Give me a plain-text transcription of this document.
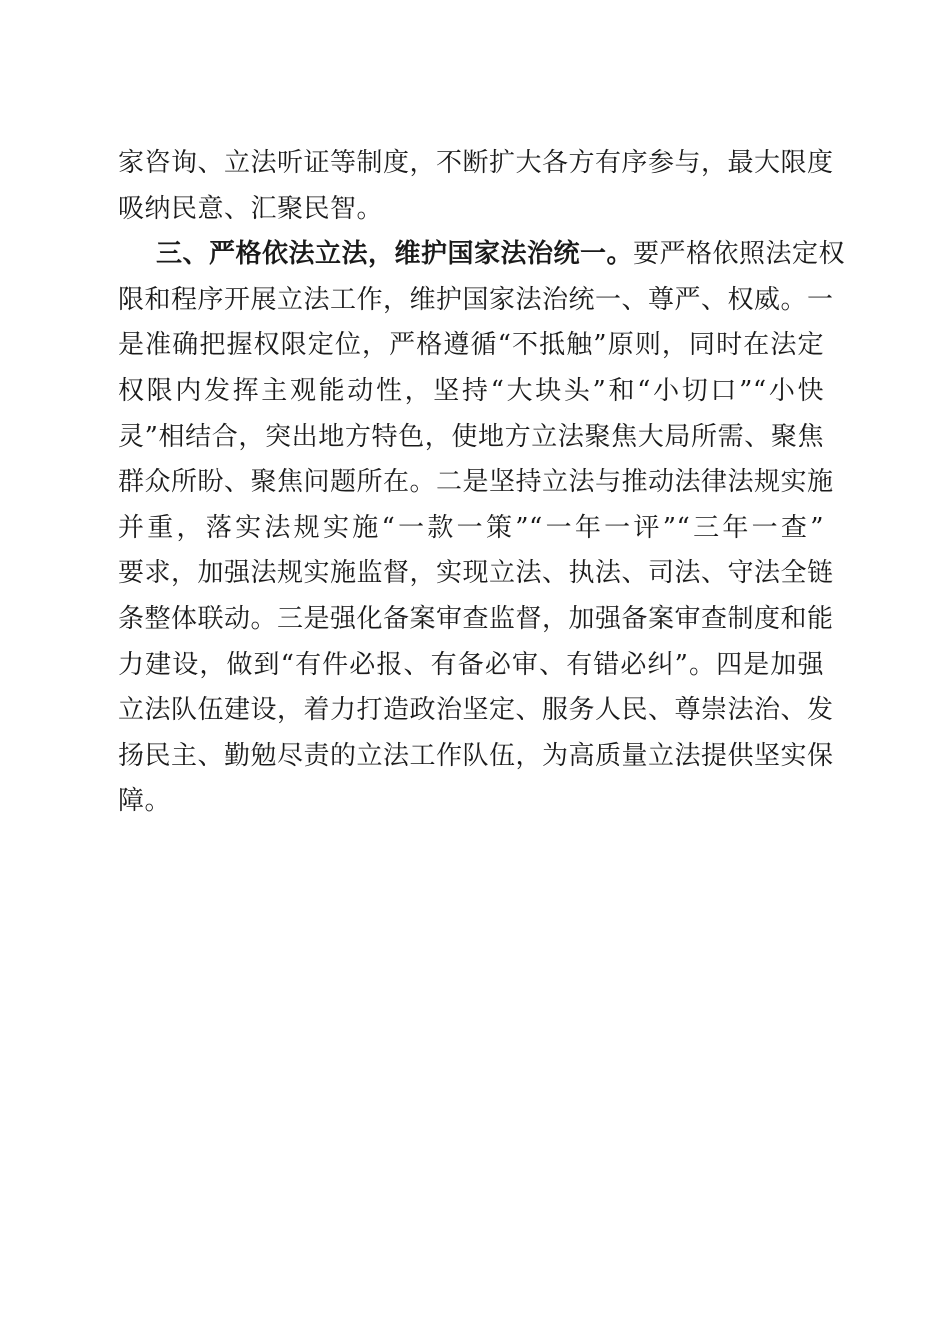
家咨询、立法听证等制度，不断扩大各方有序参与，最大限度
吸纳民意、汇聚民智。
三、严格依法立法，维护国家法治统一。要严格依照法定权
限和程序开展立法工作，维护国家法治统一、尊严、权威。一
是准确把握权限定位，严格遵循“不抵触”原则，同时在法定
权限内发挥主观能动性，坚持“大块头”和“小切口”“小快
灵”相结合，突出地方特色，使地方立法聚焦大局所需、聚焦
群众所盼、聚焦问题所在。二是坚持立法与推动法律法规实施
并重，落实法规实施“一款一策”“一年一评”“三年一查”
要求，加强法规实施监督，实现立法、执法、司法、守法全链
条整体联动。三是强化备案审查监督，加强备案审查制度和能
力建设，做到“有件必报、有备必审、有错必纠”。四是加强
立法队伍建设，着力打造政治坚定、服务人民、尊崇法治、发
扬民主、勤勉尽责的立法工作队伍，为高质量立法提供坚实保
障。
